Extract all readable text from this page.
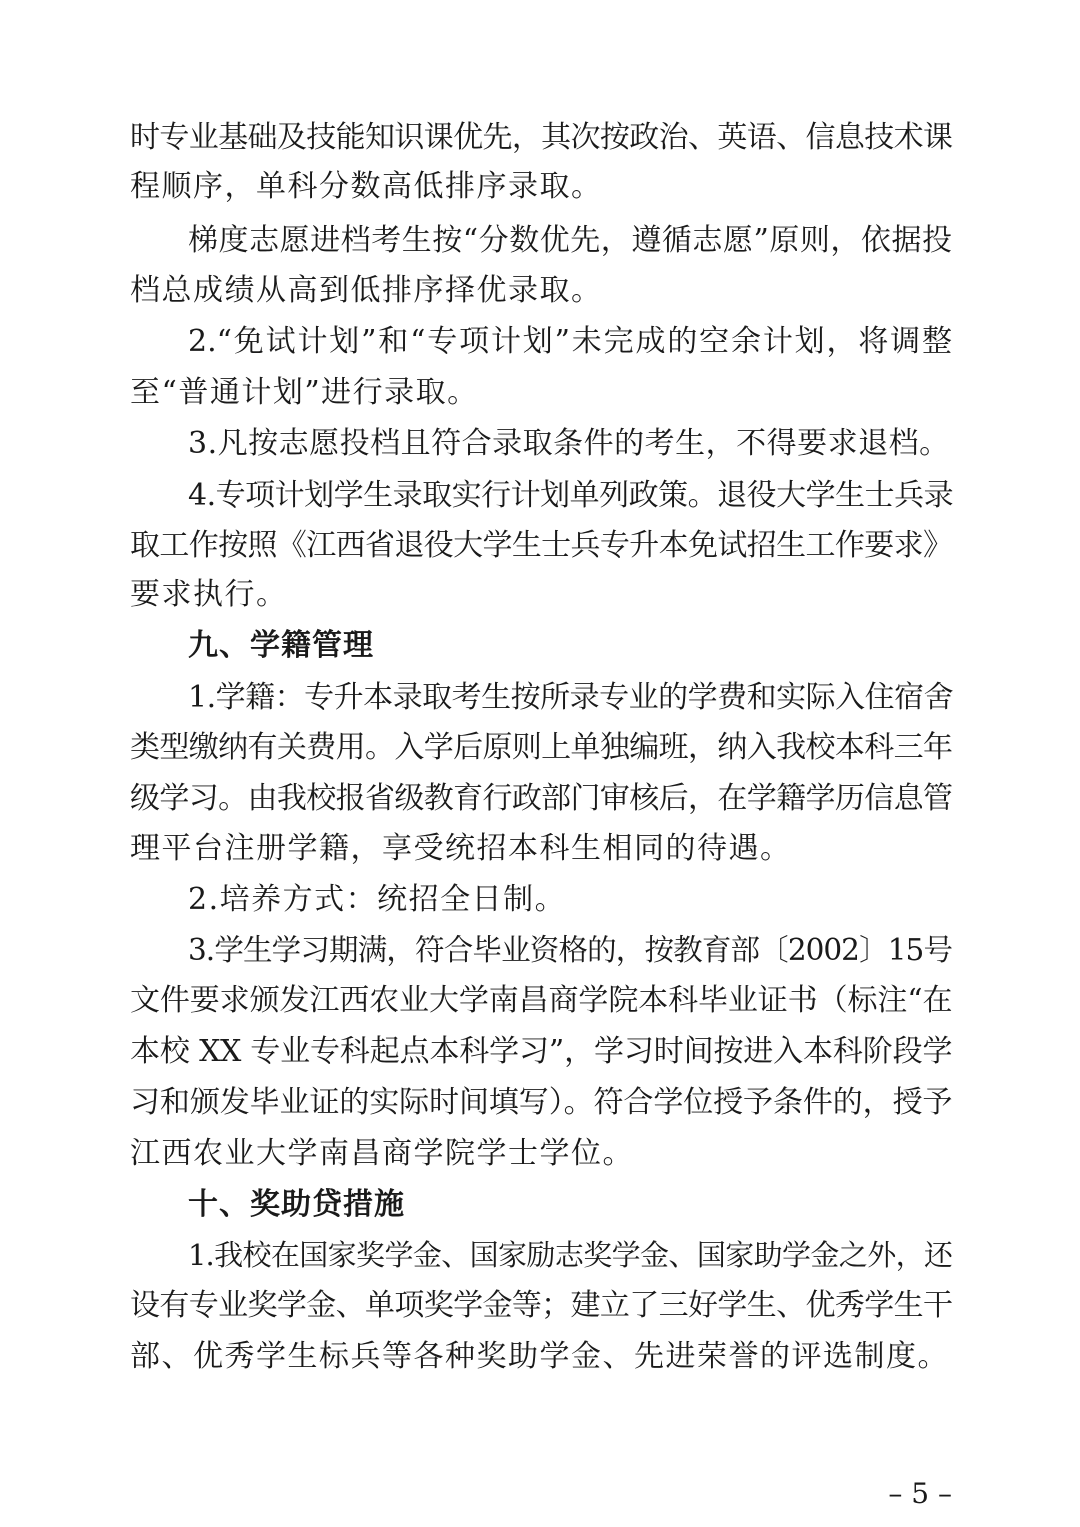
时专业基础及技能知识课优先，其次按政治、英语、信息技术课
程顺序，单科分数高低排序录取。
梯度志愿进档考生按“分数优先，遵循志愿”原则，依据投
档总成绩从高到低排序择优录取。
2.“免试计划”和“专项计划”未完成的空余计划，将调整
至“普通计划”进行录取。
3.凡按志愿投档且符合录取条件的考生，不得要求退档。
4.专项计划学生录取实行计划单列政策。退役大学生士兵录
取工作按照《江西省退役大学生士兵专升本免试招生工作要求》
要求执行。
九、学籍管理
1.学籍：专升本录取考生按所录专业的学费和实际入住宿舍
类型缴纳有关费用。入学后原则上单独编班，纳入我校本科三年
级学习。由我校报省级教育行政部门审核后，在学籍学历信息管
理平台注册学籍，享受统招本科生相同的待遇。
2.培养方式：统招全日制。
3.学生学习期满，符合毕业资格的，按教育部〔2002〕15号
文件要求颁发江西农业大学南昌商学院本科毕业证书（标注“在
本校 XX 专业专科起点本科学习”，学习时间按进入本科阶段学
习和颁发毕业证的实际时间填写）。符合学位授予条件的，授予
江西农业大学南昌商学院学士学位。
十、奖助贷措施
1.我校在国家奖学金、国家励志奖学金、国家助学金之外，还
设有专业奖学金、单项奖学金等；建立了三好学生、优秀学生干
部、优秀学生标兵等各种奖助学金、先进荣誉的评选制度。
– 5 –
